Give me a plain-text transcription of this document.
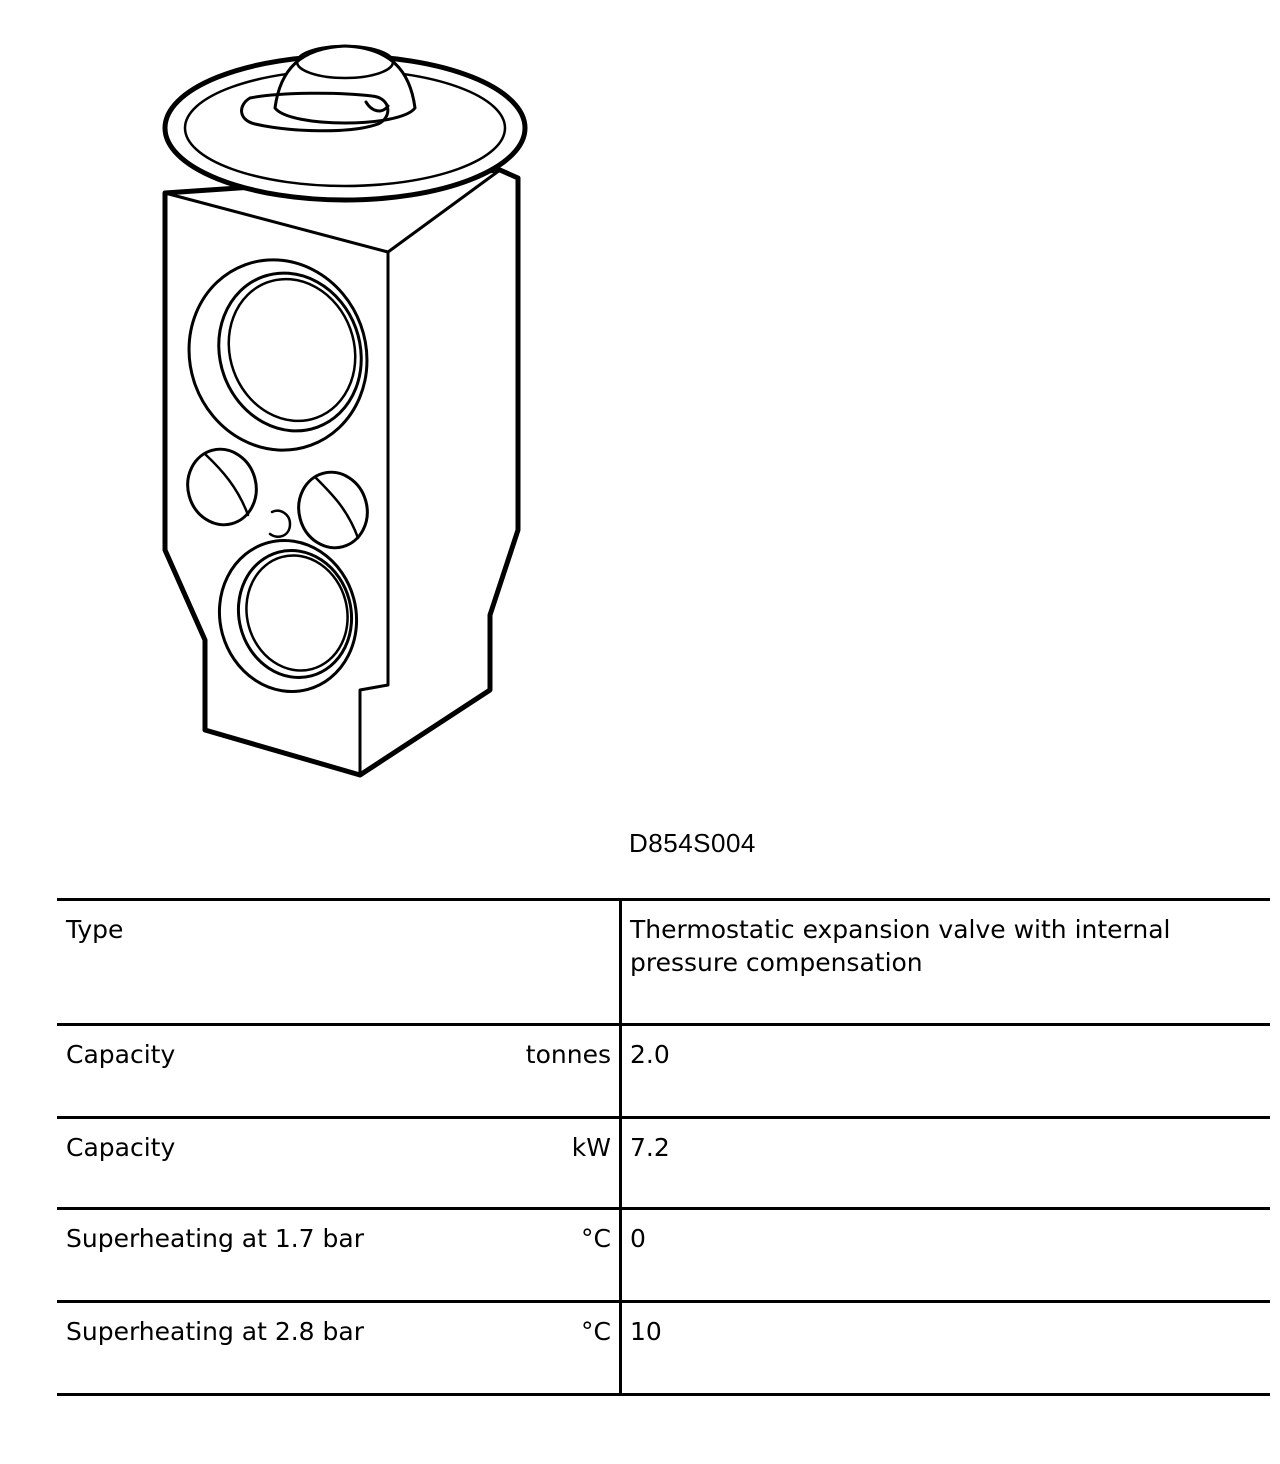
D854S004
Type	Thermostatic expansion valve with internal pressure compensation

Capacity tonnes	2.0

Capacity kW	7.2

Superheating at 1.7 bar °C	0

Superheating at 2.8 bar °C	10
